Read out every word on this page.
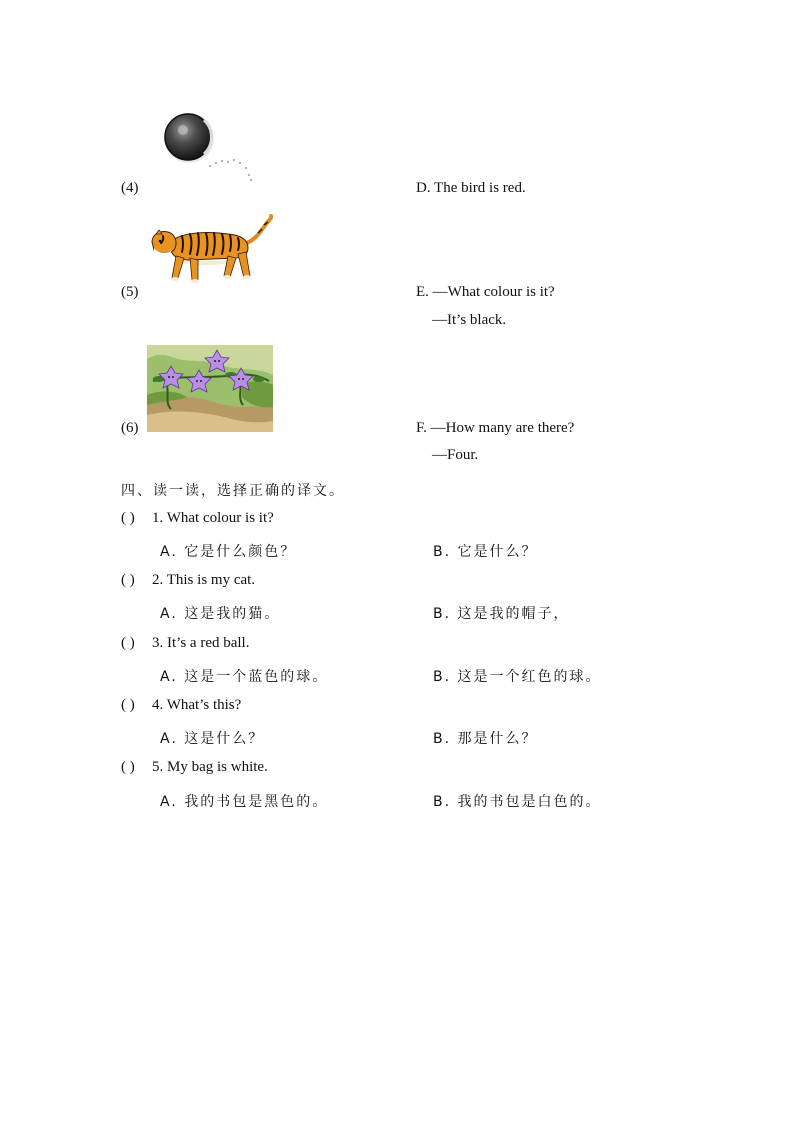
(4)	D. The bird is red.
(5)	E. —What colour is it?
—It’s black.
(6)	F. —How many are there?
—Four.
四、读一读，选择正确的译文。
( ) 1. What colour is it?
A. 它是什么颜色？	B. 它是什么？
( ) 2. This is my cat.
A. 这是我的猫。	B. 这是我的帽子，
( ) 3. It’s a red ball.
A. 这是一个蓝色的球。	B. 这是一个红色的球。
( ) 4. What’s this?
A. 这是什么？	B. 那是什么？
( ) 5. My bag is white.
A. 我的书包是黑色的。	B. 我的书包是白色的。
